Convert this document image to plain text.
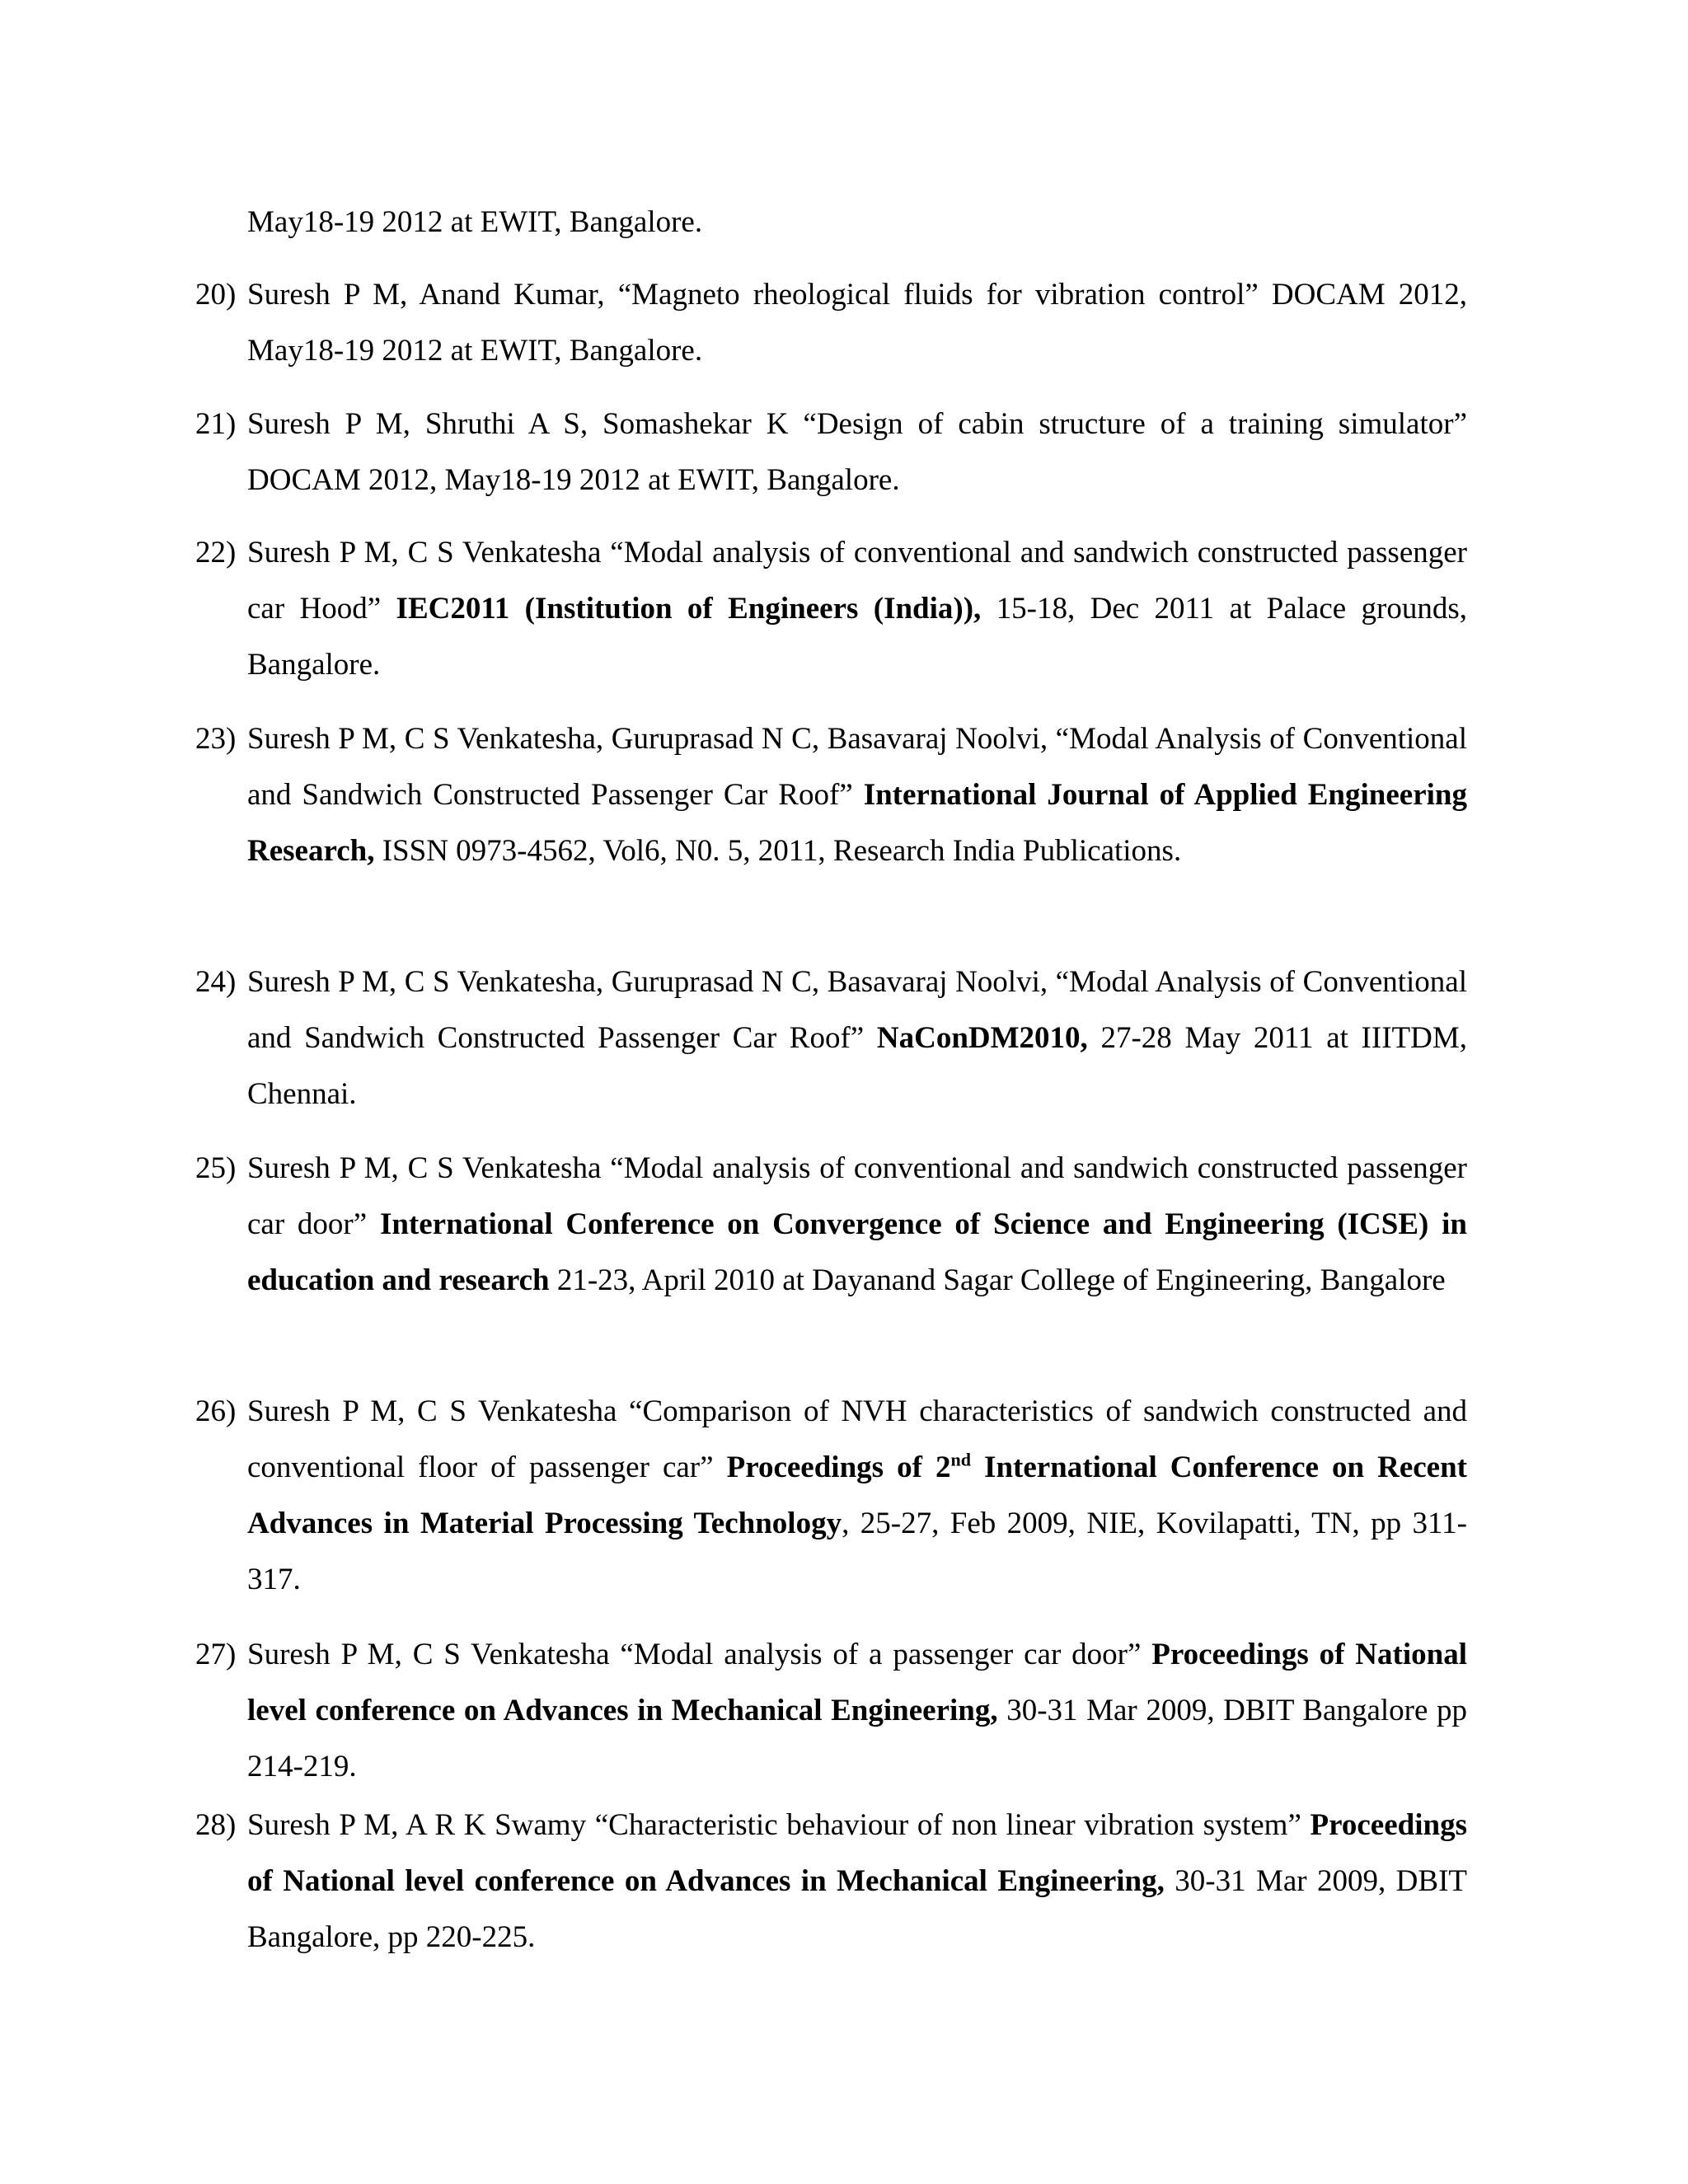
May18-19 2012 at EWIT, Bangalore.
20) Suresh P M, Anand Kumar, “Magneto rheological fluids for vibration control” DOCAM 2012, May18-19 2012 at EWIT, Bangalore.
21) Suresh P M, Shruthi A S, Somashekar K “Design of cabin structure of a training simulator” DOCAM 2012, May18-19 2012 at EWIT, Bangalore.
22) Suresh P M, C S Venkatesha “Modal analysis of conventional and sandwich constructed passenger car Hood” IEC2011 (Institution of Engineers (India)), 15-18, Dec 2011 at Palace grounds, Bangalore.
23) Suresh P M, C S Venkatesha, Guruprasad N C, Basavaraj Noolvi, “Modal Analysis of Conventional and Sandwich Constructed Passenger Car Roof” International Journal of Applied Engineering Research, ISSN 0973-4562, Vol6, N0. 5, 2011, Research India Publications.
24) Suresh P M, C S Venkatesha, Guruprasad N C, Basavaraj Noolvi, “Modal Analysis of Conventional and Sandwich Constructed Passenger Car Roof” NaConDM2010, 27-28 May 2011 at IIITDM, Chennai.
25) Suresh P M, C S Venkatesha “Modal analysis of conventional and sandwich constructed passenger car door” International Conference on Convergence of Science and Engineering (ICSE) in education and research 21-23, April 2010 at Dayanand Sagar College of Engineering, Bangalore
26) Suresh P M, C S Venkatesha “Comparison of NVH characteristics of sandwich constructed and conventional floor of passenger car” Proceedings of 2nd International Conference on Recent Advances in Material Processing Technology, 25-27, Feb 2009, NIE, Kovilapatti, TN, pp 311-317.
27) Suresh P M, C S Venkatesha “Modal analysis of a passenger car door” Proceedings of National level conference on Advances in Mechanical Engineering, 30-31 Mar 2009, DBIT Bangalore pp 214-219.
28) Suresh P M, A R K Swamy “Characteristic behaviour of non linear vibration system” Proceedings of National level conference on Advances in Mechanical Engineering, 30-31 Mar 2009, DBIT Bangalore, pp 220-225.
